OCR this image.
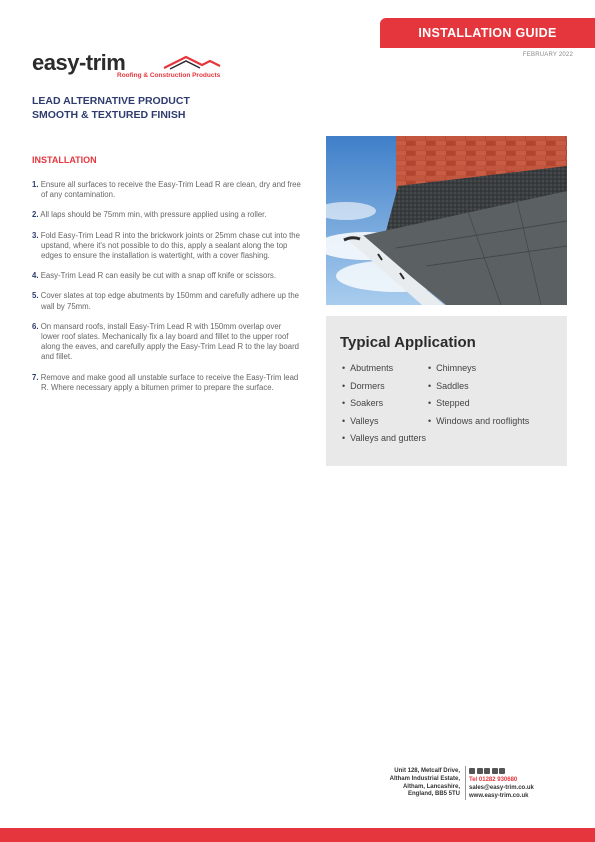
INSTALLATION GUIDE
FEBRUARY 2022
easy-trim
Roofing & Construction Products
LEAD ALTERNATIVE PRODUCT
SMOOTH & TEXTURED FINISH
INSTALLATION
1. Ensure all surfaces to receive the Easy-Trim Lead R are clean, dry and free of any contamination.
2. All laps should be 75mm min, with pressure applied using a roller.
3. Fold Easy-Trim Lead R into the brickwork joints or 25mm chase cut into the upstand, where it's not possible to do this, apply a sealant along the top edges to ensure the installation is watertight, with a cover flashing.
4. Easy-Trim Lead R can easily be cut with a snap off knife or scissors.
5. Cover slates at top edge abutments by 150mm and carefully adhere up the wall by 75mm.
6. On mansard roofs, install Easy-Trim Lead R with 150mm overlap over lower roof slates. Mechanically fix a lay board and fillet to the upper roof along the eaves, and carefully apply the Easy-Trim Lead R to the lay board and fillet.
7. Remove and make good all unstable surface to receive the Easy-Trim lead R. Where necessary apply a bitumen primer to prepare the surface.
Typical Application
• Abutments
• Dormers
• Soakers
• Valleys
• Valleys and gutters
• Chimneys
• Saddles
• Stepped
• Windows and rooflights
Unit 128, Metcalf Drive,
Altham Industrial Estate,
Altham, Lancashire,
England, BB5 5TU
Tel 01282 930680
sales@easy-trim.co.uk
www.easy-trim.co.uk
